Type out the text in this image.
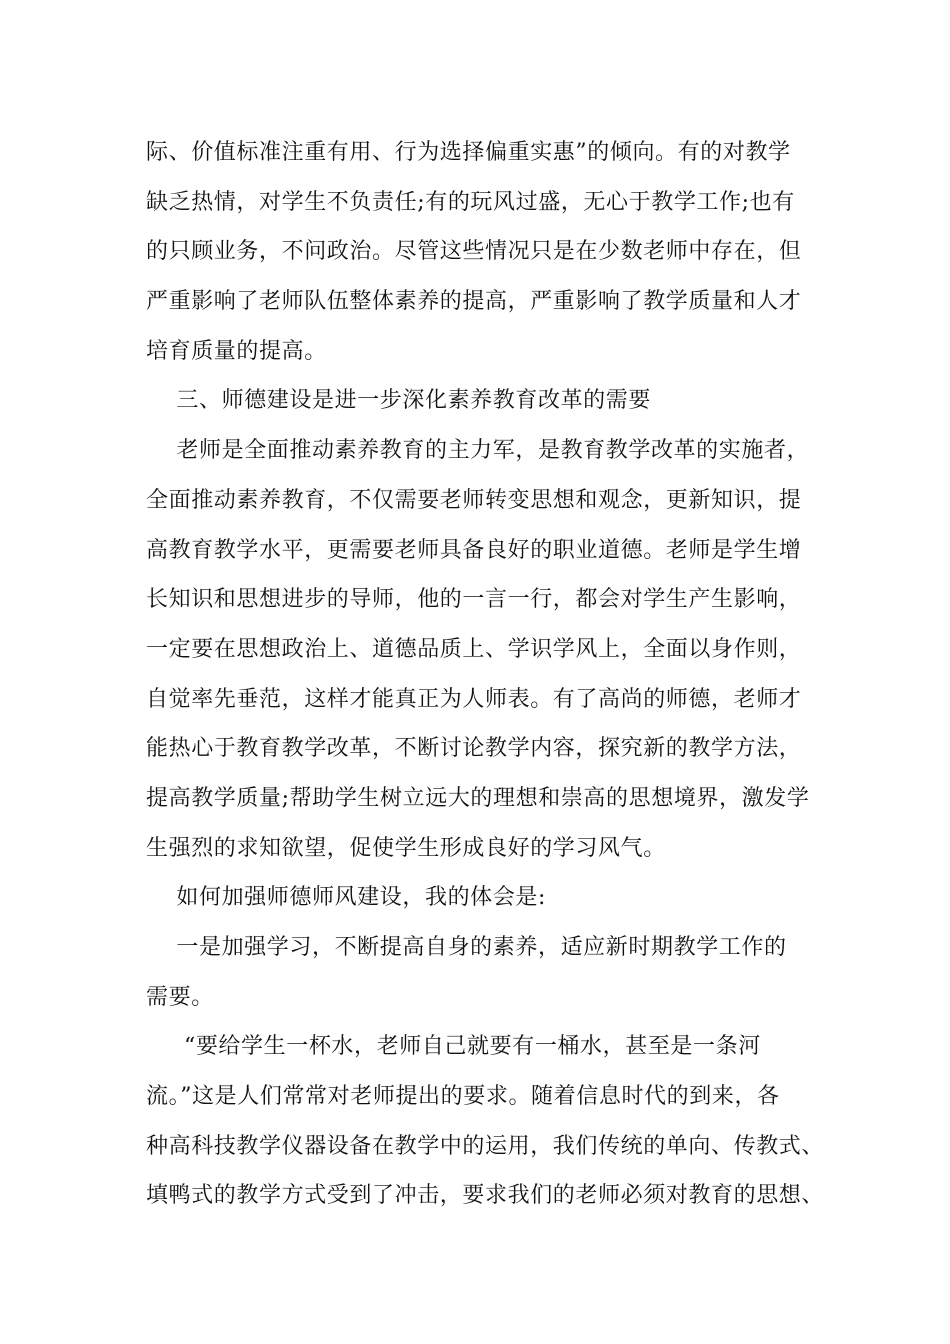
际、价值标准注重有用、行为选择偏重实惠”的倾向。有的对教学
缺乏热情，对学生不负责任;有的玩风过盛，无心于教学工作;也有
的只顾业务，不问政治。尽管这些情况只是在少数老师中存在，但
严重影响了老师队伍整体素养的提高，严重影响了教学质量和人才
培育质量的提高。
三、师德建设是进一步深化素养教育改革的需要
老师是全面推动素养教育的主力军，是教育教学改革的实施者，
全面推动素养教育，不仅需要老师转变思想和观念，更新知识，提
高教育教学水平，更需要老师具备良好的职业道德。老师是学生增
长知识和思想进步的导师，他的一言一行，都会对学生产生影响，
一定要在思想政治上、道德品质上、学识学风上，全面以身作则，
自觉率先垂范，这样才能真正为人师表。有了高尚的师德，老师才
能热心于教育教学改革，不断讨论教学内容，探究新的教学方法，
提高教学质量;帮助学生树立远大的理想和崇高的思想境界，激发学
生强烈的求知欲望，促使学生形成良好的学习风气。
如何加强师德师风建设，我的体会是:
一是加强学习，不断提高自身的素养，适应新时期教学工作的
需要。
“要给学生一杯水，老师自己就要有一桶水，甚至是一条河
流。”这是人们常常对老师提出的要求。随着信息时代的到来，各
种高科技教学仪器设备在教学中的运用，我们传统的单向、传教式、
填鸭式的教学方式受到了冲击，要求我们的老师必须对教育的思想、
